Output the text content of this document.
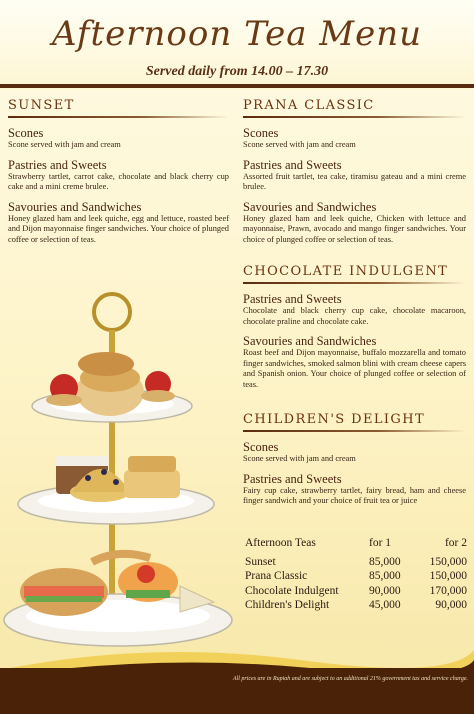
Afternoon Tea Menu
Served daily from 14.00 – 17.30
SUNSET
Scones
Scone served with jam and cream
Pastries and Sweets
Strawberry tartlet, carrot cake, chocolate and black cherry cup cake and a mini creme brulee.
Savouries and Sandwiches
Honey glazed ham and leek quiche, egg and lettuce, roasted beef and Dijon mayonnaise finger sandwiches. Your choice of plunged coffee or selection of teas.
PRANA CLASSIC
Scones
Scone served with jam and cream
Pastries and Sweets
Assorted fruit tartlet, tea cake, tiramisu gateau and a mini creme brulee.
Savouries and Sandwiches
Honey glazed ham and leek quiche, Chicken with lettuce and mayonnaise, Prawn, avocado and mango finger sandwiches. Your choice of plunged coffee or selection of teas.
CHOCOLATE INDULGENT
Pastries and Sweets
Chocolate and black cherry cup cake, chocolate macaroon, chocolate praline and chocolate cake.
Savouries and Sandwiches
Roast beef and Dijon mayonnaise, buffalo mozzarella and tomato finger sandwiches, smoked salmon blini with cream cheese capers and Spanish onion. Your choice of plunged coffee or selection of teas.
CHILDREN'S DELIGHT
Scones
Scone served with jam and cream
Pastries and Sweets
Fairy cup cake, strawberry tartlet, fairy bread, ham and cheese finger sandwich and your choice of fruit tea or juice
Afternoon Teas	for 1	for 2
Sunset	85,000	150,000
Prana Classic	85,000	150,000
Chocolate Indulgent	90,000	170,000
Children's Delight	45,000	90,000
All prices are in Rupiah and are subject to an additional 21% government tax and service charge.
